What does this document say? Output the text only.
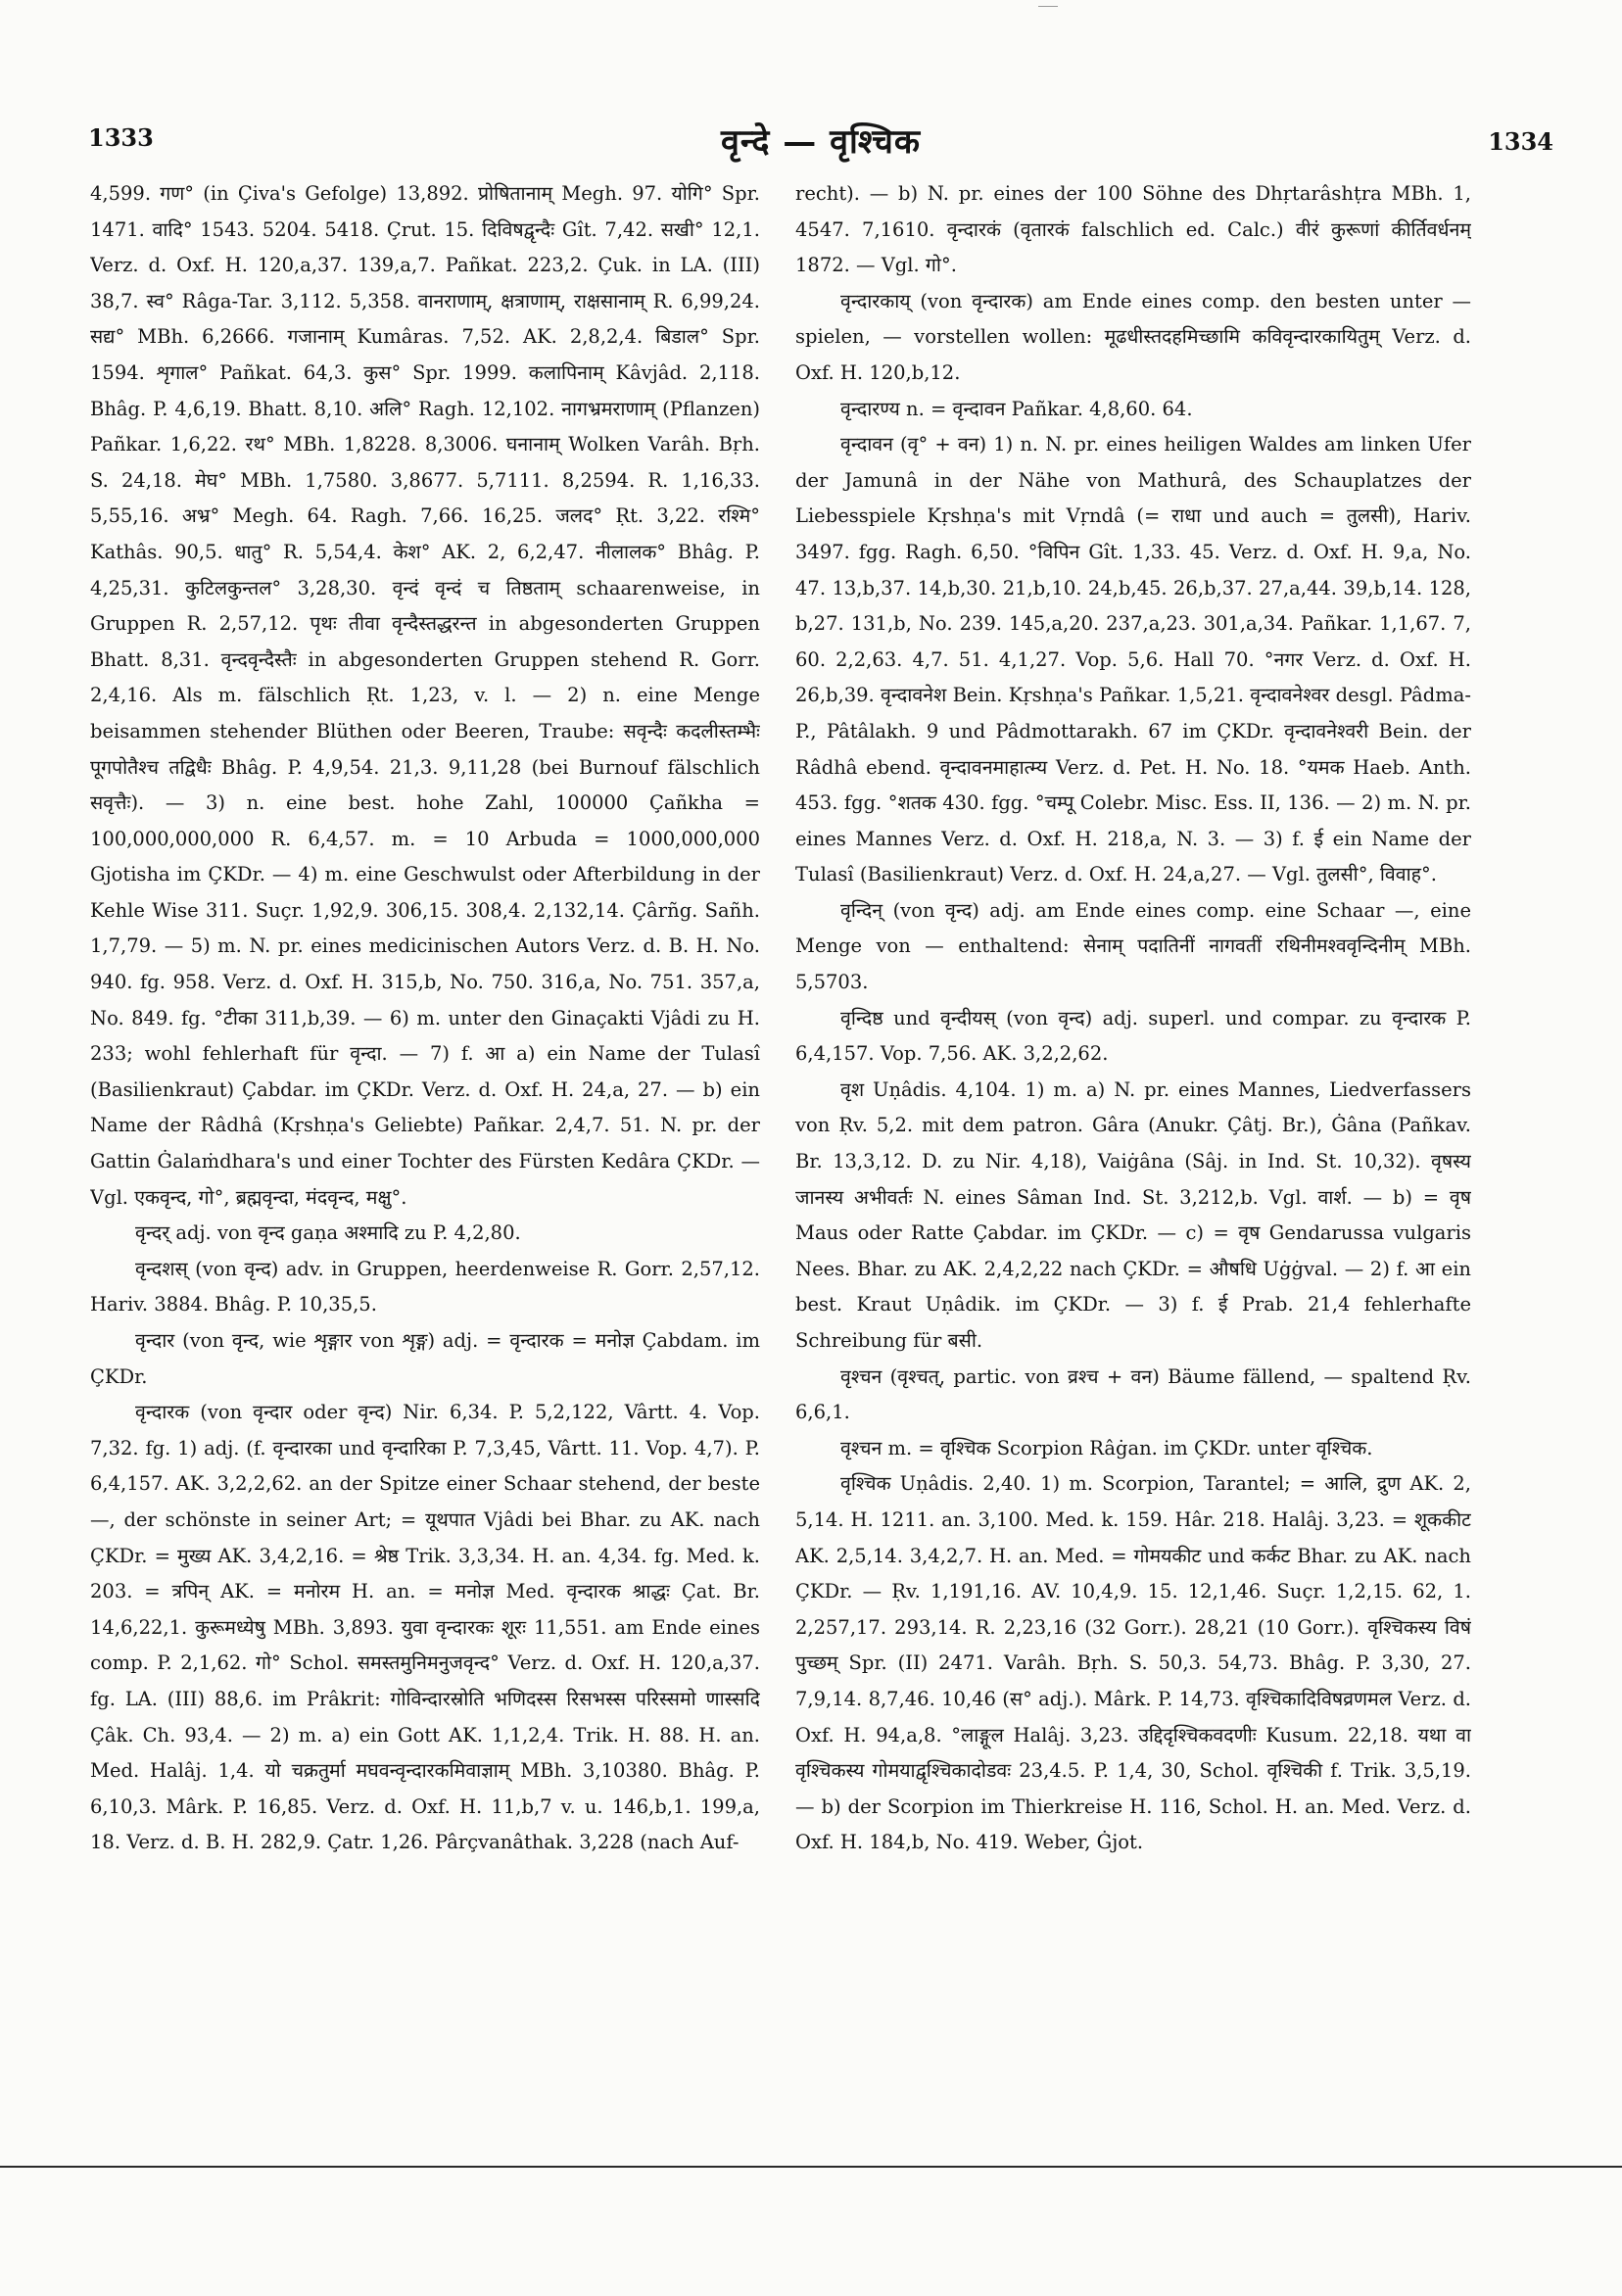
1333	वृन्दे — वृश्चिक	1334

4,599. गण° (in Çiva's Gefolge) 13,892. प्रोषितानाम् Megh. 97. योगि° Spr. 1471. वादि° 1543. 5204. 5418. Çrut. 15. दिविषद्वृन्दैः Gît. 7,42. सखी° 12,1. Verz. d. Oxf. H. 120,a,37. 139,a,7. Pañkat. 223,2. Çuk. in LA. (III) 38,7. स्व° Râga-Tar. 3,112. 5,358. वानराणाम्, क्षत्राणाम्, राक्षसानाम् R. 6,99,24. सद्य° MBh. 6,2666. गजानाम् Kumâras. 7,52. AK. 2,8,2,4. बिडाल° Spr. 1594. शृगाल° Pañkat. 64,3. कुस° Spr. 1999. कलापिनाम् Kâvjâd. 2,118. Bhâg. P. 4,6,19. Bhatt. 8,10. अलि° Ragh. 12,102. नागभ्रमराणाम् (Pflanzen) Pañkar. 1,6,22. रथ° MBh. 1,8228. 8,3006. घनानाम् Wolken Varâh. Bṛh. S. 24,18. मेघ° MBh. 1,7580. 3,8677. 5,7111. 8,2594. R. 1,16,33. 5,55,16. अभ्र° Megh. 64. Ragh. 7,66. 16,25. जलद° Ṛt. 3,22. रश्मि° Kathâs. 90,5. धातु° R. 5,54,4. केश° AK. 2, 6,2,47. नीलालक° Bhâg. P. 4,25,31. कुटिलकुन्तल° 3,28,30. वृन्दं वृन्दं च तिष्ठताम् schaarenweise, in Gruppen R. 2,57,12. पृथः तीवा वृन्दैस्तद्धरन्त in abgesonderten Gruppen Bhatt. 8,31. वृन्दवृन्दैस्तैः in abgesonderten Gruppen stehend R. Gorr. 2,4,16. Als m. fälschlich Ṛt. 1,23, v. l. — 2) n. eine Menge beisammen stehender Blüthen oder Beeren, Traube: सवृन्दैः कदलीस्तम्भैः पूगपोतैश्च तद्विधैः Bhâg. P. 4,9,54. 21,3. 9,11,28 (bei Burnouf fälschlich सवृत्तैः). — 3) n. eine best. hohe Zahl, 100000 Çañkha = 100,000,000,000 R. 6,4,57. m. = 10 Arbuda = 1000,000,000 Gjotisha im ÇKDr. — 4) m. eine Geschwulst oder Afterbildung in der Kehle Wise 311. Suçr. 1,92,9. 306,15. 308,4. 2,132,14. Çârñg. Sañh. 1,7,79. — 5) m. N. pr. eines medicinischen Autors Verz. d. B. H. No. 940. fg. 958. Verz. d. Oxf. H. 315,b, No. 750. 316,a, No. 751. 357,a, No. 849. fg. °टीका 311,b,39. — 6) m. unter den Ginaçakti Vjâdi zu H. 233; wohl fehlerhaft für वृन्दा. — 7) f. आ a) ein Name der Tulasî (Basilienkraut) Çabdar. im ÇKDr. Verz. d. Oxf. H. 24,a, 27. — b) ein Name der Râdhâ (Kṛshṇa's Geliebte) Pañkar. 2,4,7. 51. N. pr. der Gattin Ġalaṁdhara's und einer Tochter des Fürsten Kedâra ÇKDr. — Vgl. एकवृन्द, गो°, ब्रह्मवृन्दा, मंदवृन्द, मक्षु°.

वृन्दर् adj. von वृन्द gaṇa अश्मादि zu P. 4,2,80.

वृन्दशस् (von वृन्द) adv. in Gruppen, heerdenweise R. Gorr. 2,57,12. Hariv. 3884. Bhâg. P. 10,35,5.

वृन्दार (von वृन्द, wie शृङ्गार von शृङ्ग) adj. = वृन्दारक = मनोज्ञ Çabdam. im ÇKDr.

वृन्दारक (von वृन्दार oder वृन्द) Nir. 6,34. P. 5,2,122, Vârtt. 4. Vop. 7,32. fg. 1) adj. (f. वृन्दारका und वृन्दारिका P. 7,3,45, Vârtt. 11. Vop. 4,7). P. 6,4,157. AK. 3,2,2,62. an der Spitze einer Schaar stehend, der beste —, der schönste in seiner Art; = यूथपात Vjâdi bei Bhar. zu AK. nach ÇKDr. = मुख्य AK. 3,4,2,16. = श्रेष्ठ Trik. 3,3,34. H. an. 4,34. fg. Med. k. 203. = त्रपिन् AK. = मनोरम H. an. = मनोज्ञ Med. वृन्दारक श्राद्धः Çat. Br. 14,6,22,1. कुरूमध्येषु MBh. 3,893. युवा वृन्दारकः शूरः 11,551. am Ende eines comp. P. 2,1,62. गो° Schol. समस्तमुनिमनुजवृन्द° Verz. d. Oxf. H. 120,a,37. fg. LA. (III) 88,6. im Prâkrit: गोविन्दारस्रोति भणिदस्स रिसभस्स परिस्समो णास्सदि Çâk. Ch. 93,4. — 2) m. a) ein Gott AK. 1,1,2,4. Trik. H. 88. H. an. Med. Halâj. 1,4. यो चक्रतुर्मा मघवन्वृन्दारकमिवाज्ञाम् MBh. 3,10380. Bhâg. P. 6,10,3. Mârk. P. 16,85. Verz. d. Oxf. H. 11,b,7 v. u. 146,b,1. 199,a, 18. Verz. d. B. H. 282,9. Çatr. 1,26. Pârçvanâthak. 3,228 (nach Auf-

recht). — b) N. pr. eines der 100 Söhne des Dhṛtarâshṭra MBh. 1, 4547. 7,1610. वृन्दारकं (वृतारकं falschlich ed. Calc.) वीरं कुरूणां कीर्तिवर्धनम् 1872. — Vgl. गो°.

वृन्दारकाय् (von वृन्दारक) am Ende eines comp. den besten unter — spielen, — vorstellen wollen: मूढधीस्तदहमिच्छामि कविवृन्दारकायितुम् Verz. d. Oxf. H. 120,b,12.

वृन्दारण्य n. = वृन्दावन Pañkar. 4,8,60. 64.

वृन्दावन (वृ° + वन) 1) n. N. pr. eines heiligen Waldes am linken Ufer der Jamunâ in der Nähe von Mathurâ, des Schauplatzes der Liebesspiele Kṛshṇa's mit Vṛndâ (= राधा und auch = तुलसी), Hariv. 3497. fgg. Ragh. 6,50. °विपिन Gît. 1,33. 45. Verz. d. Oxf. H. 9,a, No. 47. 13,b,37. 14,b,30. 21,b,10. 24,b,45. 26,b,37. 27,a,44. 39,b,14. 128, b,27. 131,b, No. 239. 145,a,20. 237,a,23. 301,a,34. Pañkar. 1,1,67. 7, 60. 2,2,63. 4,7. 51. 4,1,27. Vop. 5,6. Hall 70. °नगर Verz. d. Oxf. H. 26,b,39. वृन्दावनेश Bein. Kṛshṇa's Pañkar. 1,5,21. वृन्दावनेश्वर desgl. Pâdma-P., Pâtâlakh. 9 und Pâdmottarakh. 67 im ÇKDr. वृन्दावनेश्वरी Bein. der Râdhâ ebend. वृन्दावनमाहात्म्य Verz. d. Pet. H. No. 18. °यमक Haeb. Anth. 453. fgg. °शतक 430. fgg. °चम्पू Colebr. Misc. Ess. II, 136. — 2) m. N. pr. eines Mannes Verz. d. Oxf. H. 218,a, N. 3. — 3) f. ई ein Name der Tulasî (Basilienkraut) Verz. d. Oxf. H. 24,a,27. — Vgl. तुलसी°, विवाह°.

वृन्दिन् (von वृन्द) adj. am Ende eines comp. eine Schaar —, eine Menge von — enthaltend: सेनाम् पदातिनीं नागवतीं रथिनीमश्ववृन्दिनीम् MBh. 5,5703.

वृन्दिष्ठ und वृन्दीयस् (von वृन्द) adj. superl. und compar. zu वृन्दारक P. 6,4,157. Vop. 7,56. AK. 3,2,2,62.

वृश Uṇâdis. 4,104. 1) m. a) N. pr. eines Mannes, Liedverfassers von Ṛv. 5,2. mit dem patron. Gâra (Anukr. Çâtj. Br.), Ġâna (Pañkav. Br. 13,3,12. D. zu Nir. 4,18), Vaiġâna (Sâj. in Ind. St. 10,32). वृषस्य जानस्य अभीवर्तः N. eines Sâman Ind. St. 3,212,b. Vgl. वार्श. — b) = वृष Maus oder Ratte Çabdar. im ÇKDr. — c) = वृष Gendarussa vulgaris Nees. Bhar. zu AK. 2,4,2,22 nach ÇKDr. = औषधि Uġġval. — 2) f. आ ein best. Kraut Uṇâdik. im ÇKDr. — 3) f. ई Prab. 21,4 fehlerhafte Schreibung für बसी.

वृश्चन (वृश्चत्, partic. von व्रश्च + वन) Bäume fällend, — spaltend Ṛv. 6,6,1.

वृश्चन m. = वृश्चिक Scorpion Râġan. im ÇKDr. unter वृश्चिक.

वृश्चिक Uṇâdis. 2,40. 1) m. Scorpion, Tarantel; = आलि, द्रुण AK. 2, 5,14. H. 1211. an. 3,100. Med. k. 159. Hâr. 218. Halâj. 3,23. = शूककीट AK. 2,5,14. 3,4,2,7. H. an. Med. = गोमयकीट und कर्कट Bhar. zu AK. nach ÇKDr. — Ṛv. 1,191,16. AV. 10,4,9. 15. 12,1,46. Suçr. 1,2,15. 62, 1. 2,257,17. 293,14. R. 2,23,16 (32 Gorr.). 28,21 (10 Gorr.). वृश्चिकस्य विषं पुच्छम् Spr. (II) 2471. Varâh. Bṛh. S. 50,3. 54,73. Bhâg. P. 3,30, 27. 7,9,14. 8,7,46. 10,46 (स° adj.). Mârk. P. 14,73. वृश्चिकादिविषव्रणमल Verz. d. Oxf. H. 94,a,8. °लाङ्गूल Halâj. 3,23. उद्दिदृश्चिकवदणीः Kusum. 22,18. यथा वा वृश्चिकस्य गोमयाद्वृश्चिकादोडवः 23,4.5. P. 1,4, 30, Schol. वृश्चिकी f. Trik. 3,5,19. — b) der Scorpion im Thierkreise H. 116, Schol. H. an. Med. Verz. d. Oxf. H. 184,b, No. 419. Weber, Ġjot.
